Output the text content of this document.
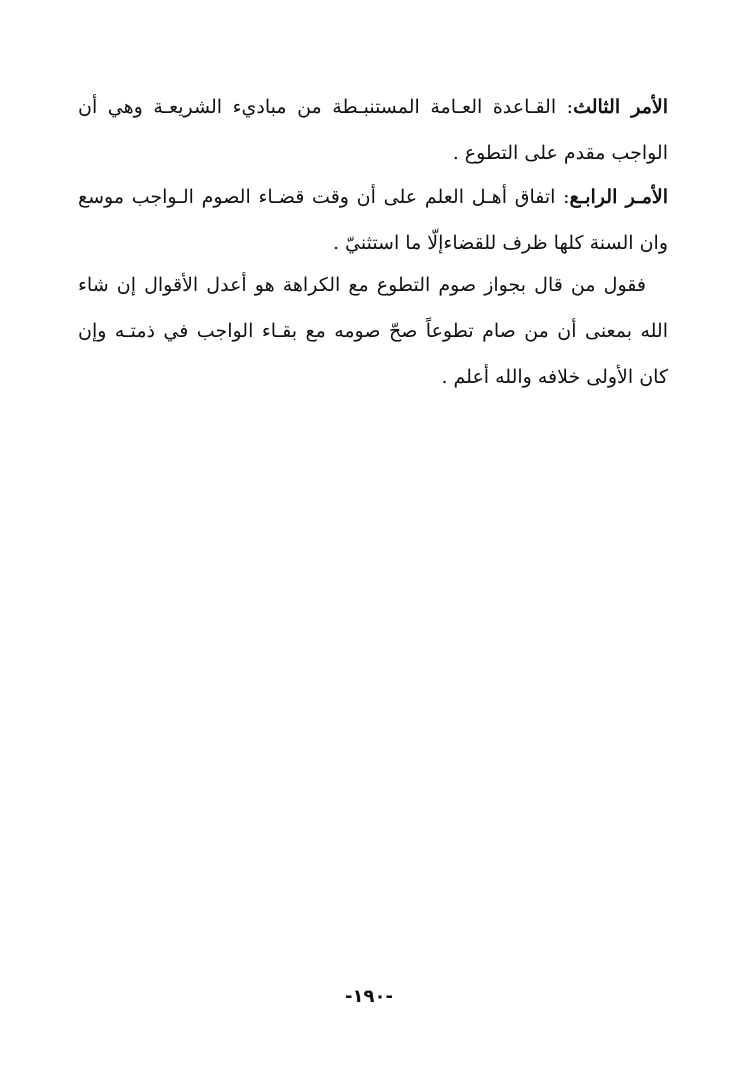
الأمر الثالث: القـاعدة العـامة المستنبـطة من مباديء الشريعـة وهي أن الواجب مقدم على التطوع .

الأمـر الرابـع: اتفاق أهـل العلم على أن وقت قضـاء الصوم الـواجب موسع وان السنة كلها ظرف للقضاءإلّا ما استثنيّ .

فقول من قال بجواز صوم التطوع مع الكراهة هو أعدل الأقوال إن شاء الله بمعنى أن من صام تطوعاً صحّ صومه مع بقـاء الواجب في ذمتـه وإن كان الأولى خلافه والله أعلم .

-١٩٠-
